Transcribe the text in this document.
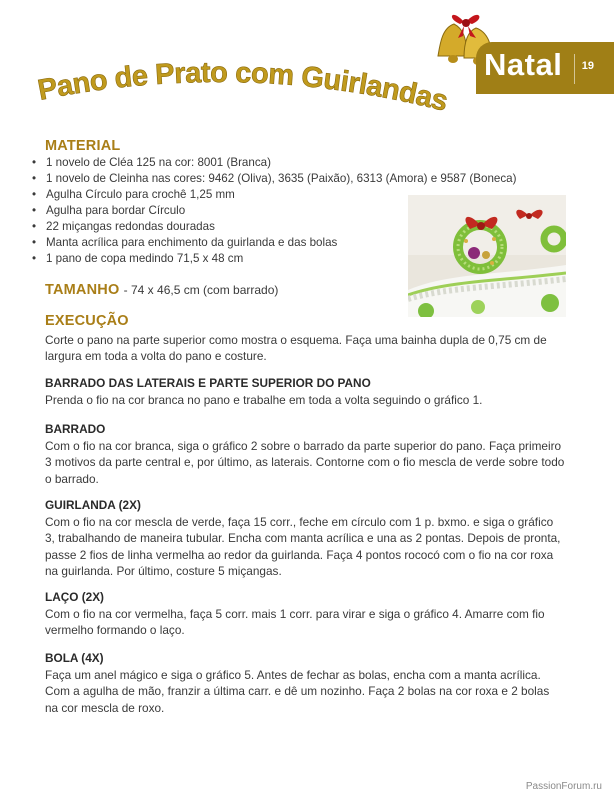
Pano de Prato com Guirlandas
Natal 19
MATERIAL
• 1 novelo de Cléa 125 na cor: 8001 (Branca)
• 1 novelo de Cleinha nas cores: 9462 (Oliva), 3635 (Paixão), 6313 (Amora) e 9587 (Boneca)
• Agulha Círculo para crochê 1,25 mm
• Agulha para bordar Círculo
• 22 miçangas redondas douradas
• Manta acrílica para enchimento da guirlanda e das bolas
• 1 pano de copa medindo 71,5 x 48 cm
TAMANHO - 74 x 46,5 cm (com barrado)
EXECUÇÃO
Corte o pano na parte superior como mostra o esquema. Faça uma bainha dupla de 0,75 cm de largura em toda a volta do pano e costure.
BARRADO DAS LATERAIS E PARTE SUPERIOR DO PANO
Prenda o fio na cor branca no pano e trabalhe em toda a volta seguindo o gráfico 1.
BARRADO
Com o fio na cor branca, siga o gráfico 2 sobre o barrado da parte superior do pano. Faça primeiro 3 motivos da parte central e, por último, as laterais. Contorne com o fio mescla de verde sobre todo o barrado.
GUIRLANDA (2X)
Com o fio na cor mescla de verde, faça 15 corr., feche em círculo com 1 p. bxmo. e siga o gráfico 3, trabalhando de maneira tubular. Encha com manta acrílica e una as 2 pontas. Depois de pronta, passe 2 fios de linha vermelha ao redor da guirlanda. Faça 4 pontos rococó com o fio na cor roxa na guirlanda. Por último, costure 5 miçangas.
LAÇO (2X)
Com o fio na cor vermelha, faça 5 corr. mais 1 corr. para virar e siga o gráfico 4. Amarre com fio vermelho formando o laço.
BOLA (4X)
Faça um anel mágico e siga o gráfico 5. Antes de fechar as bolas, encha com a manta acrílica. Com a agulha de mão, franzir a última carr. e dê um nozinho. Faça 2 bolas na cor roxa e 2 bolas na cor mescla de roxo.
PassionForum.ru
